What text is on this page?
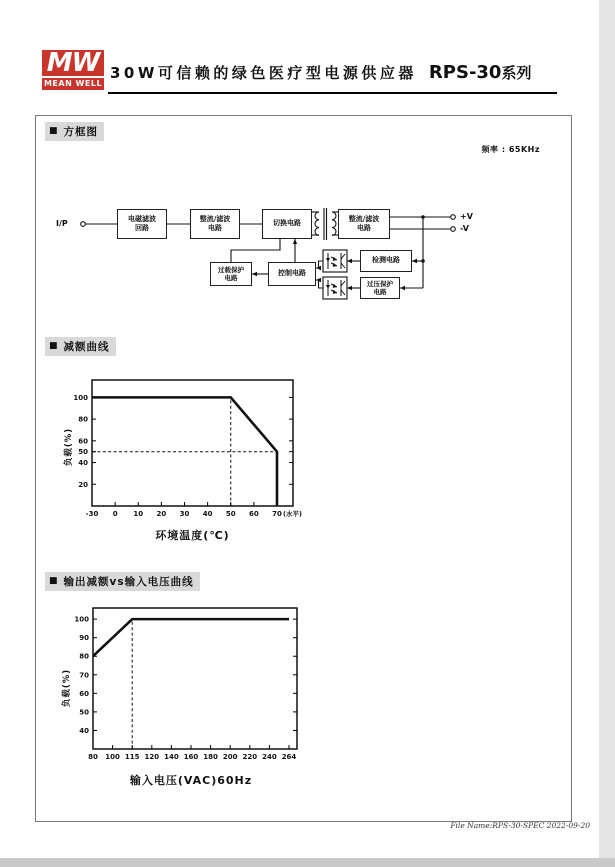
MW
MEAN WELL
30W可信赖的绿色医疗型电源供应器 RPS-30系列
■ 方框图
频率 : 65KHz
I/P
+V
-V
电磁滤波
回路
整流/滤波
电路
切换电路
整流/滤波
电路
过载保护
电路
控制电路
检测电路
过压保护
电路
■ 减额曲线
-30 0 10 20 30 40 50 60 70 (水平)
20
40
50
60
80
100
负载(%)
环境温度(℃)
■ 输出减额vs输入电压曲线
80 100 115 120 140 160 180 200 220 240 264
40
50
60
70
80
90
100
负载(%)
输入电压(VAC)60Hz
File Name:RPS-30-SPEC 2022-09-20
